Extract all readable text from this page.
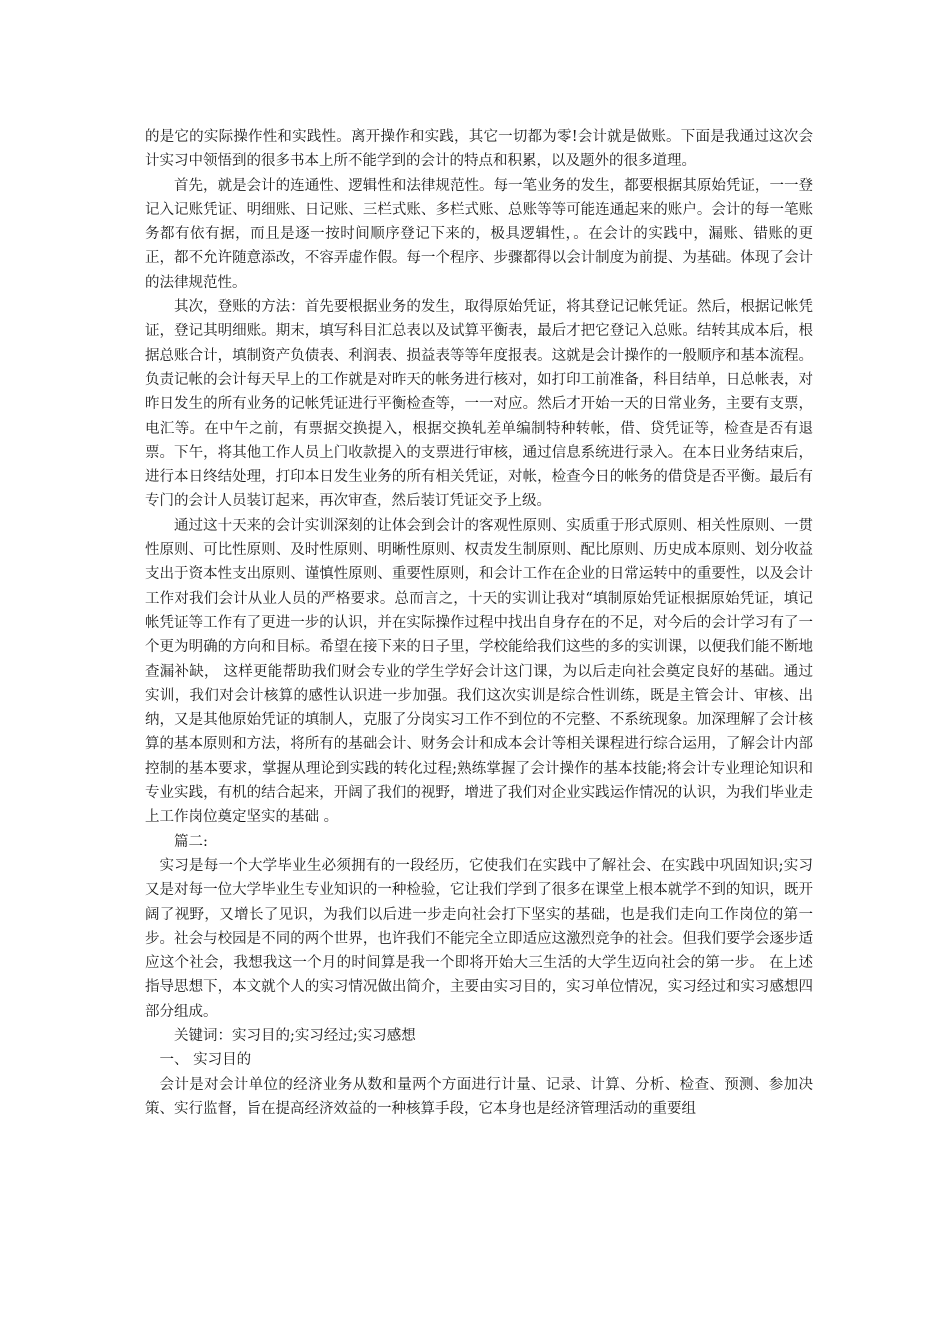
的是它的实际操作性和实践性。离开操作和实践，其它一切都为零!会计就是做账。下面是我通过这次会计实习中领悟到的很多书本上所不能学到的会计的特点和积累，以及题外的很多道理。

首先，就是会计的连通性、逻辑性和法律规范性。每一笔业务的发生，都要根据其原始凭证，一一登记入记账凭证、明细账、日记账、三栏式账、多栏式账、总账等等可能连通起来的账户。会计的每一笔账务都有依有据，而且是逐一按时间顺序登记下来的，极具逻辑性，。在会计的实践中，漏账、错账的更正，都不允许随意添改，不容弄虚作假。每一个程序、步骤都得以会计制度为前提、为基础。体现了会计的法律规范性。

其次，登账的方法：首先要根据业务的发生，取得原始凭证，将其登记记帐凭证。然后，根据记帐凭证，登记其明细账。期末，填写科目汇总表以及试算平衡表，最后才把它登记入总账。结转其成本后，根据总账合计，填制资产负债表、利润表、损益表等等年度报表。这就是会计操作的一般顺序和基本流程。负责记帐的会计每天早上的工作就是对昨天的帐务进行核对，如打印工前准备，科目结单，日总帐表，对昨日发生的所有业务的记帐凭证进行平衡检查等，一一对应。然后才开始一天的日常业务，主要有支票，电汇等。在中午之前，有票据交换提入，根据交换轧差单编制特种转帐，借、贷凭证等，检查是否有退票。下午，将其他工作人员上门收款提入的支票进行审核，通过信息系统进行录入。在本日业务结束后，进行本日终结处理，打印本日发生业务的所有相关凭证，对帐，检查今日的帐务的借贷是否平衡。最后有专门的会计人员装订起来，再次审查，然后装订凭证交予上级。

通过这十天来的会计实训深刻的让体会到会计的客观性原则、实质重于形式原则、相关性原则、一贯性原则、可比性原则、及时性原则、明晰性原则、权责发生制原则、配比原则、历史成本原则、划分收益支出于资本性支出原则、谨慎性原则、重要性原则，和会计工作在企业的日常运转中的重要性，以及会计工作对我们会计从业人员的严格要求。总而言之，十天的实训让我对“填制原始凭证根据原始凭证，填记帐凭证等工作有了更进一步的认识，并在实际操作过程中找出自身存在的不足，对今后的会计学习有了一个更为明确的方向和目标。希望在接下来的日子里，学校能给我们这些的多的实训课，以便我们能不断地查漏补缺， 这样更能帮助我们财会专业的学生学好会计这门课，为以后走向社会奠定良好的基础。通过实训，我们对会计核算的感性认识进一步加强。我们这次实训是综合性训练，既是主管会计、审核、出纳，又是其他原始凭证的填制人，克服了分岗实习工作不到位的不完整、不系统现象。加深理解了会计核算的基本原则和方法，将所有的基础会计、财务会计和成本会计等相关课程进行综合运用，了解会计内部控制的基本要求，掌握从理论到实践的转化过程;熟练掌握了会计操作的基本技能;将会计专业理论知识和专业实践，有机的结合起来，开阔了我们的视野，增进了我们对企业实践运作情况的认识，为我们毕业走上工作岗位奠定坚实的基础 。

篇二:

实习是每一个大学毕业生必须拥有的一段经历，它使我们在实践中了解社会、在实践中巩固知识;实习又是对每一位大学毕业生专业知识的一种检验，它让我们学到了很多在课堂上根本就学不到的知识，既开阔了视野，又增长了见识，为我们以后进一步走向社会打下坚实的基础，也是我们走向工作岗位的第一步。社会与校园是不同的两个世界，也许我们不能完全立即适应这激烈竞争的社会。但我们要学会逐步适应这个社会，我想我这一个月的时间算是我一个即将开始大三生活的大学生迈向社会的第一步。 在上述指导思想下，本文就个人的实习情况做出简介，主要由实习目的，实习单位情况，实习经过和实习感想四部分组成。

关键词：实习目的;实习经过;实习感想

一、 实习目的

会计是对会计单位的经济业务从数和量两个方面进行计量、记录、计算、分析、检查、预测、参加决策、实行监督，旨在提高经济效益的一种核算手段，它本身也是经济管理活动的重要组
